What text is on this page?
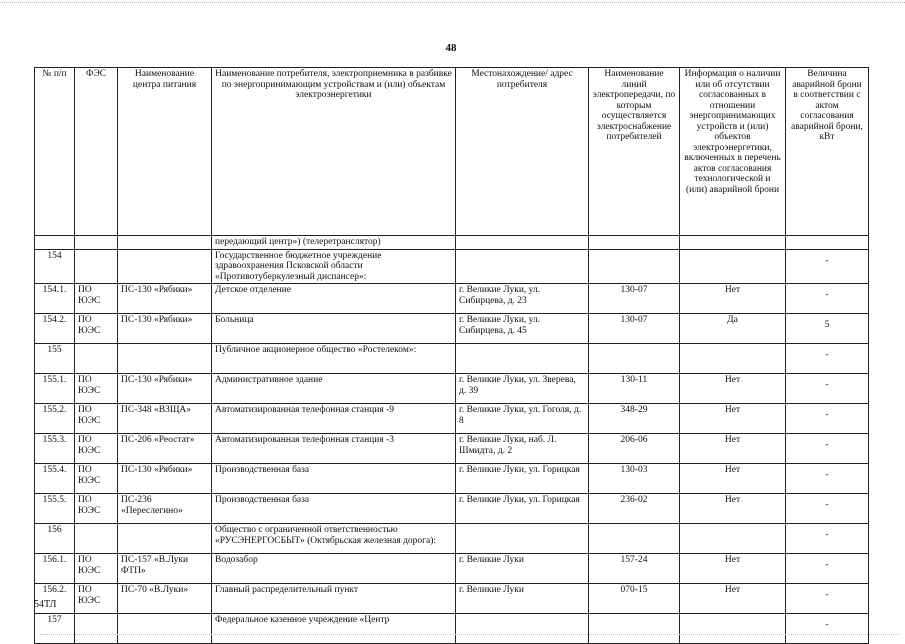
48
№ п/п	ФЭС	Наименование центра питания	Наименование потребителя, электроприемника в разбивке по энергопринимающим устройствам и (или) объектам электроэнергетики	Местонахождение/ адрес потребителя	Наименование линий электропередачи, по которым осуществляется электроснабжение потребителей	Информация о наличии или об отсутствии согласованных в отношении энергопринимающих устройств и (или) объектов электроэнергетики, включенных в перечень актов согласования технологической и (или) аварийной брони	Величина аварийной брони в соответствии с актом согласования аварийной брони, кВт
			передающий центр») (телеретранслятор)				
154			Государственное бюджетное учреждение здравоохранения Псковской области «Противотуберкулезный диспансер»:				-
154.1.	ПО ЮЭС	ПС-130 «Рябики»	Детское отделение	г. Великие Луки, ул. Сибирцева, д. 23	130-07	Нет	-
154.2.	ПО ЮЭС	ПС-130 «Рябики»	Больница	г. Великие Луки, ул. Сибирцева, д. 45	130-07	Да	5
155			Публичное акционерное общество «Ростелеком»:				-
155.1.	ПО ЮЭС	ПС-130 «Рябики»	Административное здание	г. Великие Луки, ул. Зверева, д. 39	130-11	Нет	-
155.2.	ПО ЮЭС	ПС-348 «ВЗЩА»	Автоматизированная телефонная станция -9	г. Великие Луки, ул. Гоголя, д. 8	348-29	Нет	-
155.3.	ПО ЮЭС	ПС-206 «Реостат»	Автоматизированная телефонная станция -3	г. Великие Луки, наб. Л. Шмидта, д. 2	206-06	Нет	-
155.4.	ПО ЮЭС	ПС-130 «Рябики»	Производственная база	г. Великие Луки, ул. Горицкая	130-03	Нет	-
155.5.	ПО ЮЭС	ПС-236 «Переслегино»	Производственная база	г. Великие Луки, ул. Горицкая	236-02	Нет	-
156			Общество с ограниченной ответственностью «РУСЭНЕРГОСБЫТ» (Октябрьская железная дорога):				-
156.1.	ПО ЮЭС	ПС-157 «В.Луки ФТП»	Водозабор	г. Великие Луки	157-24	Нет	-
156.2.	ПО ЮЭС	ПС-70 «В.Луки»	Главный распределительный пункт	г. Великие Луки	070-15	Нет	-
157			Федеральное казенное учреждение «Центр				-
54ТЛ
